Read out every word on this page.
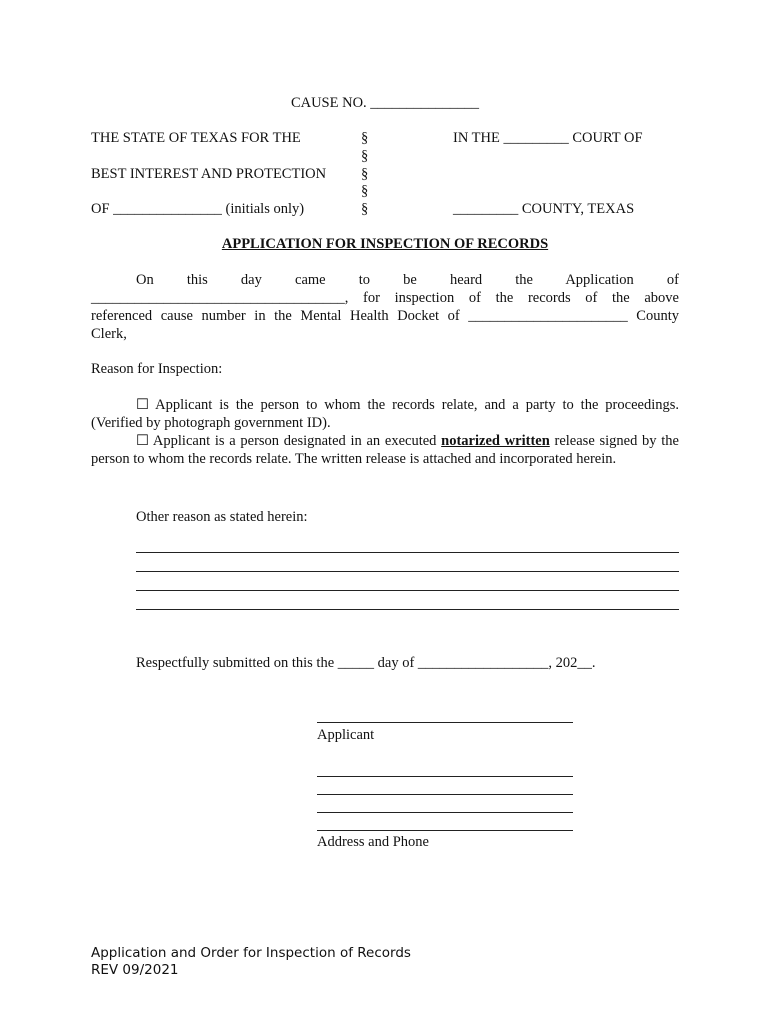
CAUSE NO. _______________
THE STATE OF TEXAS FOR THE
BEST INTEREST AND PROTECTION
OF _______________ (initials only)
§
§
§
§
§
IN THE _________ COURT OF
_________ COUNTY, TEXAS
APPLICATION FOR INSPECTION OF RECORDS
On this day came to be heard the Application of
___________________________________, for inspection of the records of the above
referenced cause number in the Mental Health Docket of ______________________ County
Clerk,
Reason for Inspection:
☐ Applicant is the person to whom the records relate, and a party to the proceedings. (Verified by photograph government ID).
☐ Applicant is a person designated in an executed notarized written release signed by the person to whom the records relate. The written release is attached and incorporated herein.
Other reason as stated herein:
Respectfully submitted on this the _____ day of __________________, 202__.
Applicant
Address and Phone
Application and Order for Inspection of Records
REV 09/2021
